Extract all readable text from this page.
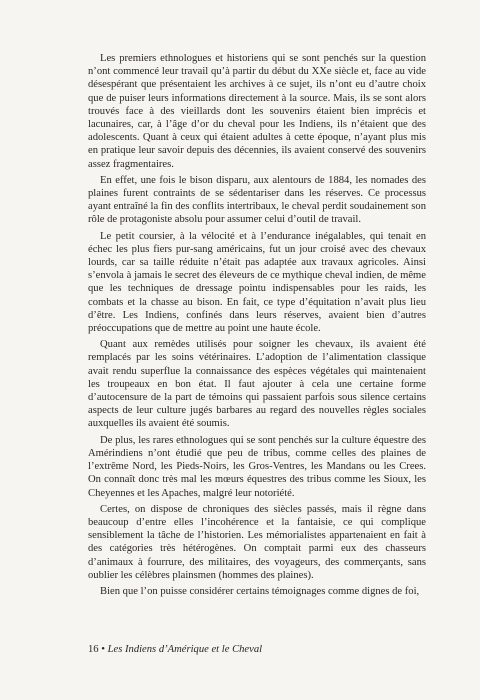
Les premiers ethnologues et historiens qui se sont penchés sur la question n’ont commencé leur travail qu’à partir du début du XXe siècle et, face au vide désespérant que présentaient les archives à ce sujet, ils n’ont eu d’autre choix que de puiser leurs informations directement à la source. Mais, ils se sont alors trouvés face à des vieillards dont les souvenirs étaient bien imprécis et lacunaires, car, à l’âge d’or du cheval pour les Indiens, ils n’étaient que des adolescents. Quant à ceux qui étaient adultes à cette époque, n’ayant plus mis en pratique leur savoir depuis des décennies, ils avaient conservé des souvenirs assez fragmentaires.

En effet, une fois le bison disparu, aux alentours de 1884, les nomades des plaines furent contraints de se sédentariser dans les réserves. Ce processus ayant entraîné la fin des conflits intertribaux, le cheval perdit soudainement son rôle de protagoniste absolu pour assumer celui d’outil de travail.

Le petit coursier, à la vélocité et à l’endurance inégalables, qui tenait en échec les plus fiers pur-sang américains, fut un jour croisé avec des chevaux lourds, car sa taille réduite n’était pas adaptée aux travaux agricoles. Ainsi s’envola à jamais le secret des éleveurs de ce mythique cheval indien, de même que les techniques de dressage pointu indispensables pour les raids, les combats et la chasse au bison. En fait, ce type d’équitation n’avait plus lieu d’être. Les Indiens, confinés dans leurs réserves, avaient bien d’autres préoccupations que de mettre au point une haute école.

Quant aux remèdes utilisés pour soigner les chevaux, ils avaient été remplacés par les soins vétérinaires. L’adoption de l’alimentation classique avait rendu superflue la connaissance des espèces végétales qui maintenaient les troupeaux en bon état. Il faut ajouter à cela une certaine forme d’autocensure de la part de témoins qui passaient parfois sous silence certains aspects de leur culture jugés barbares au regard des nouvelles règles sociales auxquelles ils avaient été soumis.

De plus, les rares ethnologues qui se sont penchés sur la culture équestre des Amérindiens n’ont étudié que peu de tribus, comme celles des plaines de l’extrême Nord, les Pieds-Noirs, les Gros-Ventres, les Mandans ou les Crees. On connaît donc très mal les mœurs équestres des tribus comme les Sioux, les Cheyennes et les Apaches, malgré leur notoriété.

Certes, on dispose de chroniques des siècles passés, mais il règne dans beaucoup d’entre elles l’incohérence et la fantaisie, ce qui complique sensiblement la tâche de l’historien. Les mémorialistes appartenaient en fait à des catégories très hétérogènes. On comptait parmi eux des chasseurs d’animaux à fourrure, des militaires, des voyageurs, des commerçants, sans oublier les célèbres plainsmen (hommes des plaines).

Bien que l’on puisse considérer certains témoignages comme dignes de foi,

16 • Les Indiens d’Amérique et le Cheval
